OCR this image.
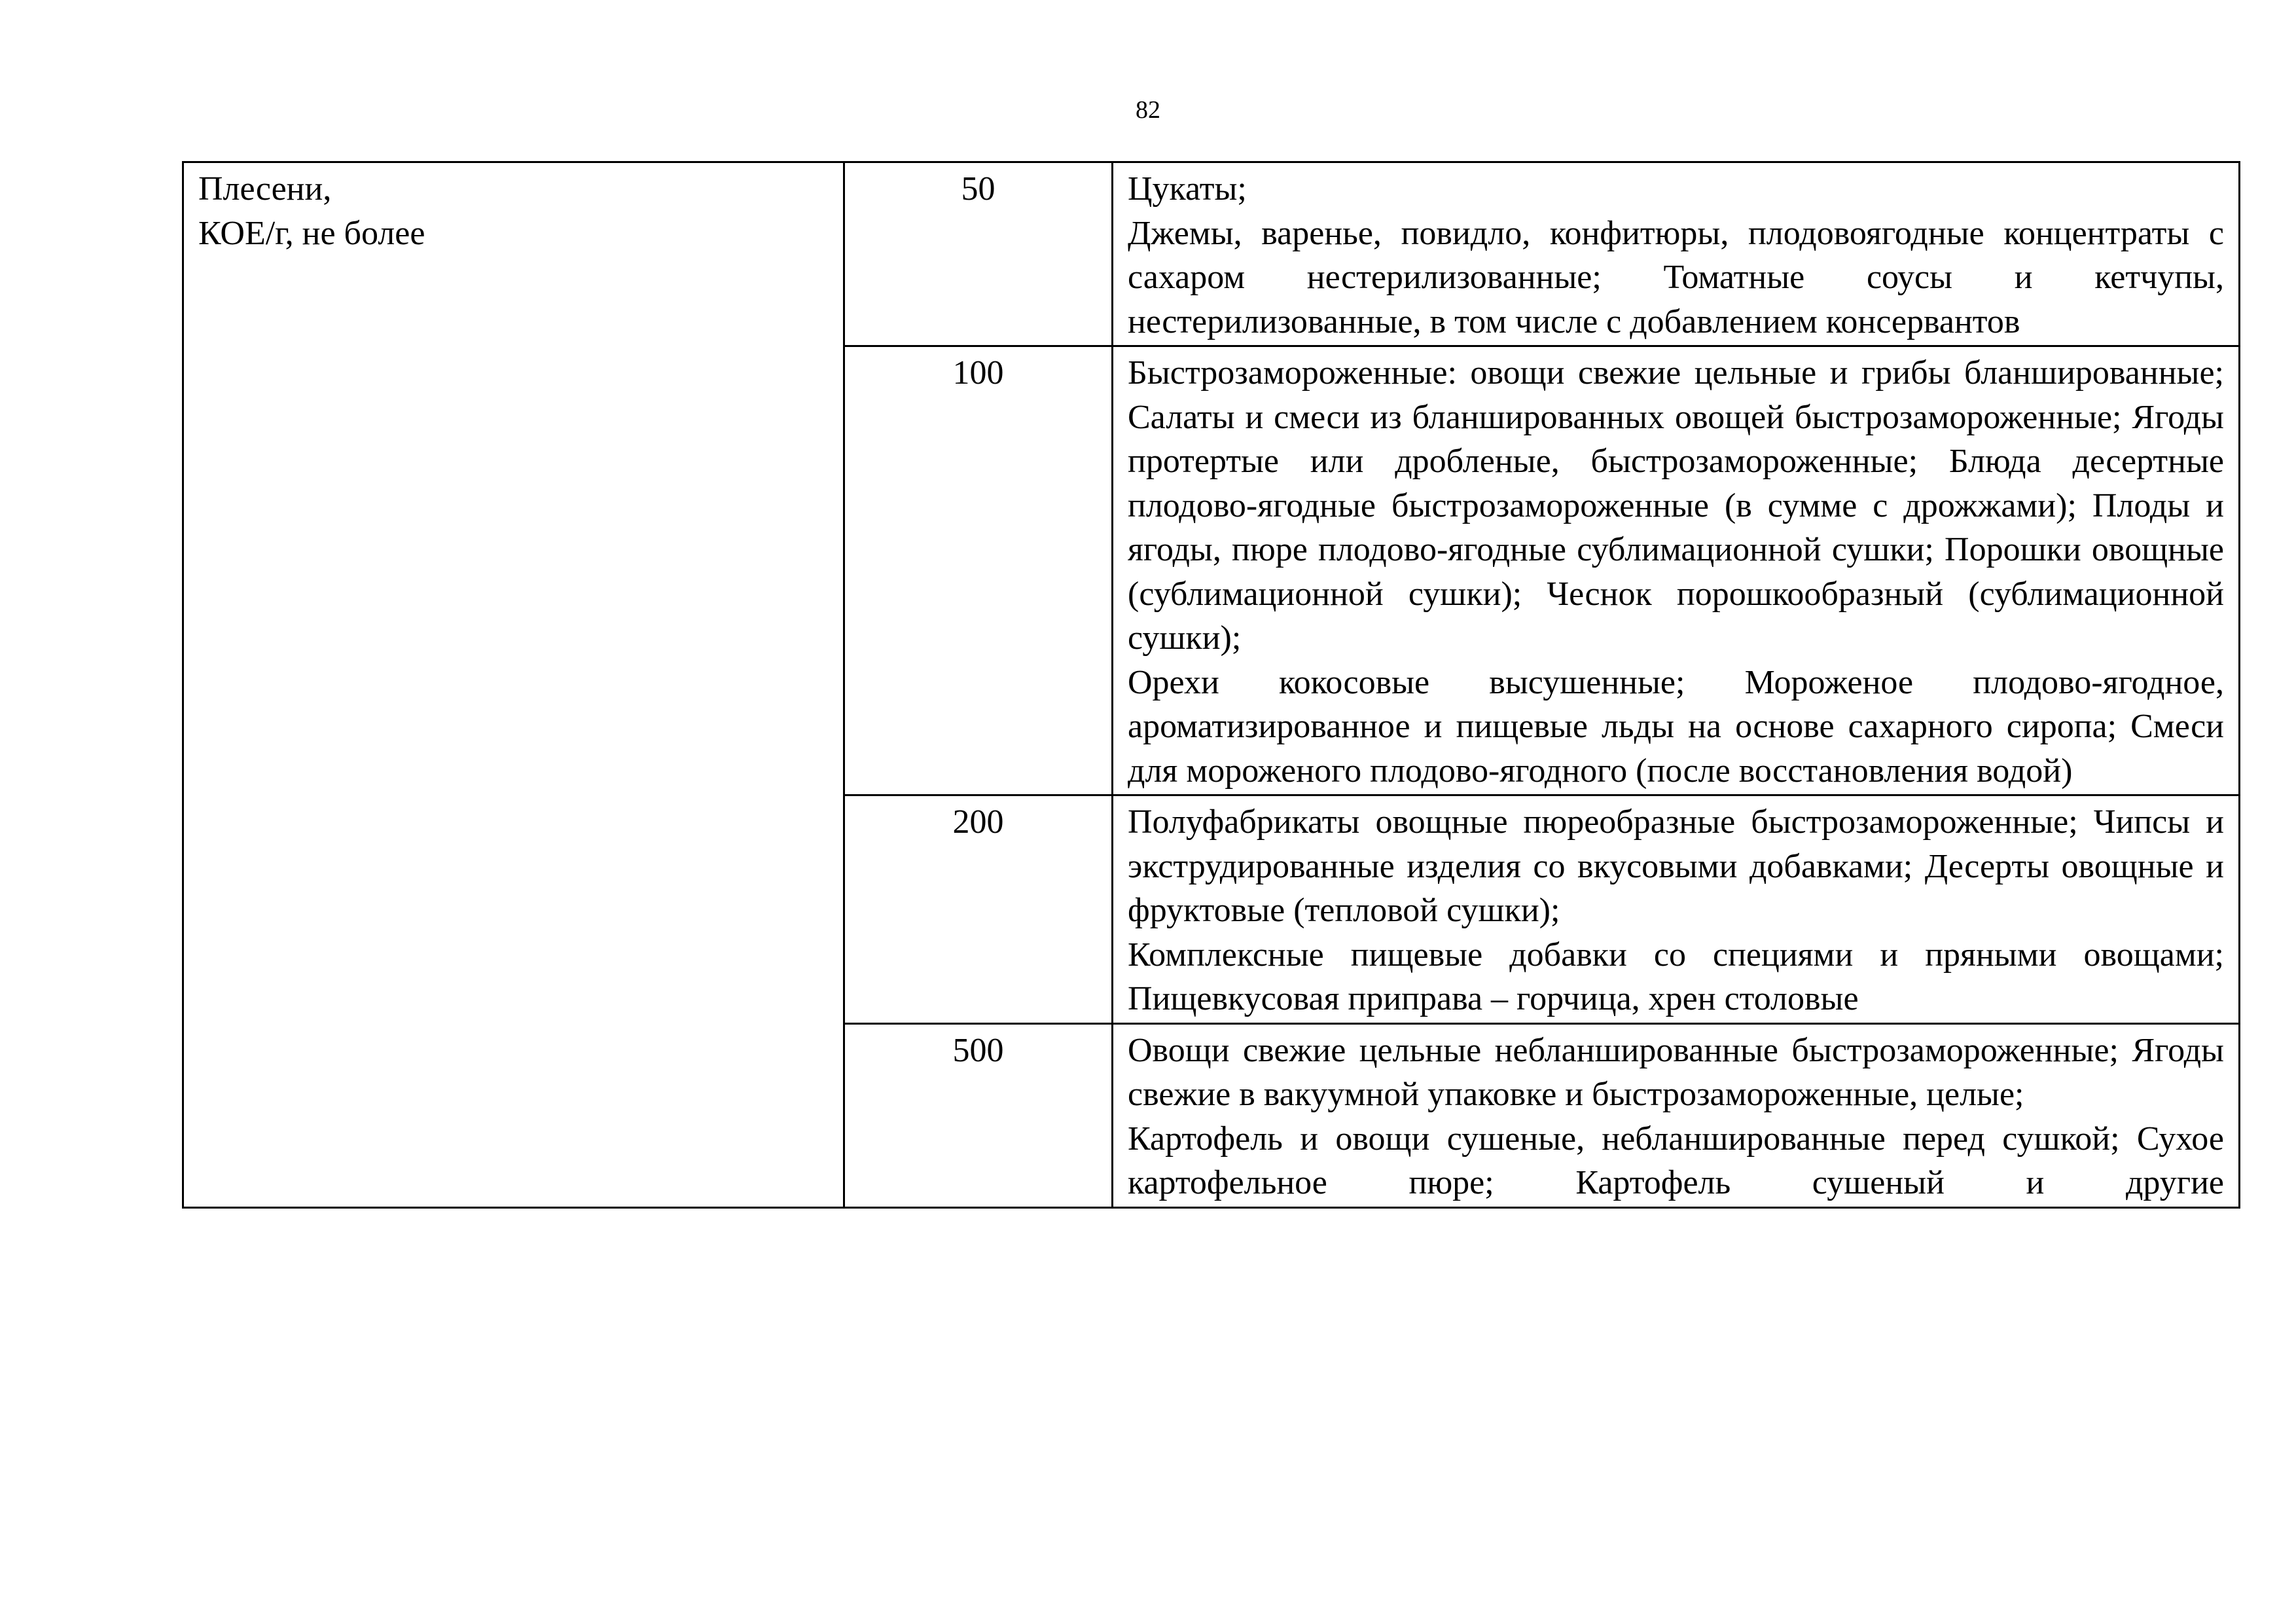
82
Плесени,
КОЕ/г, не более	50	Цукаты;
Джемы, варенье, повидло, конфитюры, плодовоягодные концентраты с сахаром нестерилизованные; Томатные соусы и кетчупы, нестерилизованные, в том числе с добавлением консервантов

	100	Быстрозамороженные: овощи свежие цельные и грибы бланшированные; Салаты и смеси из бланшированных овощей быстрозамороженные; Ягоды протертые или дробленые, быстрозамороженные; Блюда десертные плодово-ягодные быстрозамороженные (в сумме с дрожжами); Плоды и ягоды, пюре плодово-ягодные сублимационной сушки; Порошки овощные (сублимационной сушки); Чеснок порошкообразный (сублимационной сушки);
Орехи кокосовые высушенные; Мороженое плодово-ягодное, ароматизированное и пищевые льды на основе сахарного сиропа; Смеси для мороженого плодово-ягодного (после восстановления водой)

	200	Полуфабрикаты овощные пюреобразные быстрозамороженные; Чипсы и экструдированные изделия со вкусовыми добавками; Десерты овощные и фруктовые (тепловой сушки);
Комплексные пищевые добавки со специями и пряными овощами; Пищевкусовая приправа – горчица, хрен столовые

	500	Овощи свежие цельные небланшированные быстрозамороженные; Ягоды свежие в вакуумной упаковке и быстрозамороженные, целые;
Картофель и овощи сушеные, небланшированные перед сушкой; Сухое картофельное пюре; Картофель сушеный и другие
